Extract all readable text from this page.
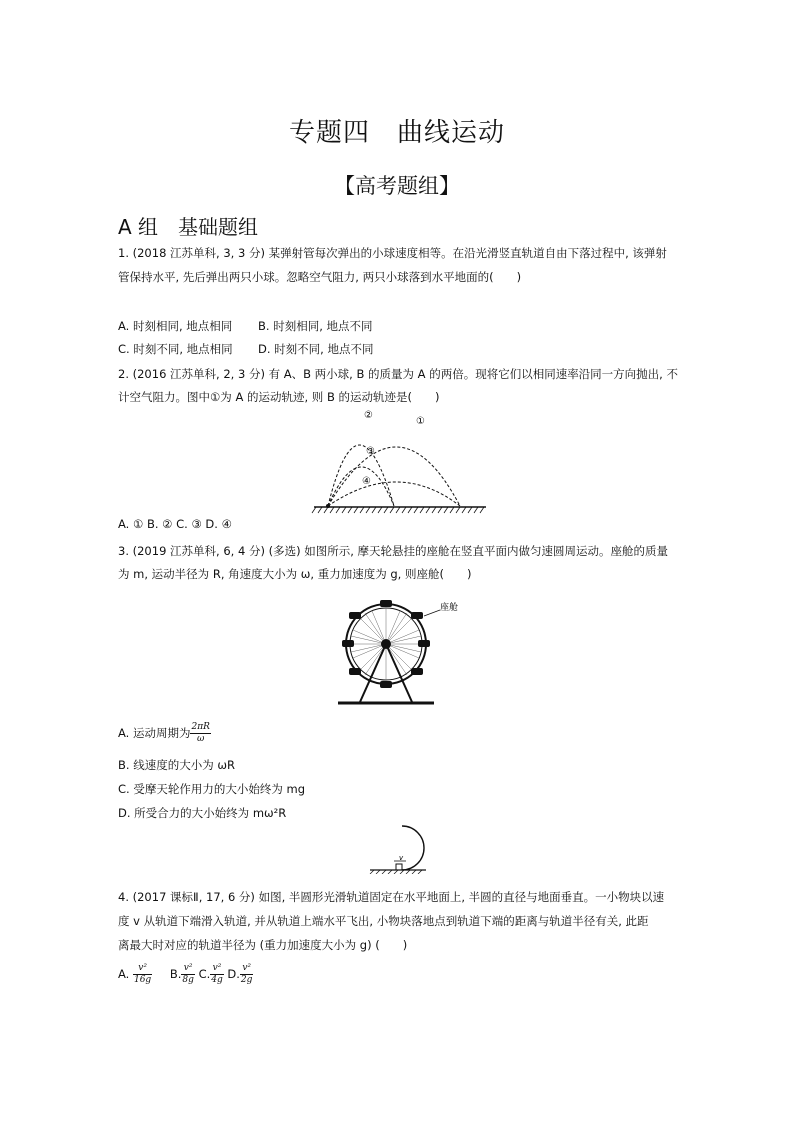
专题四　曲线运动
【高考题组】
A 组　基础题组
1. (2018 江苏单科, 3, 3 分) 某弹射管每次弹出的小球速度相等。在沿光滑竖直轨道自由下落过程中, 该弹射
管保持水平, 先后弹出两只小球。忽略空气阻力, 两只小球落到水平地面的(　　)
A. 时刻相同, 地点相同 B. 时刻相同, 地点不同
C. 时刻不同, 地点相同 D. 时刻不同, 地点不同
2. (2016 江苏单科, 2, 3 分) 有 A、B 两小球, B 的质量为 A 的两倍。现将它们以相同速率沿同一方向抛出, 不
计空气阻力。图中①为 A 的运动轨迹, 则 B 的运动轨迹是(　　)
①
②
③
④
A. ① B. ② C. ③ D. ④
3. (2019 江苏单科, 6, 4 分) (多选) 如图所示, 摩天轮悬挂的座舱在竖直平面内做匀速圆周运动。座舱的质量
为 m, 运动半径为 R, 角速度大小为 ω, 重力加速度为 g, 则座舱(　　)
座舱
A. 运动周期为 $\frac{2\pi R}{\omega}$
B. 线速度的大小为 ωR
C. 受摩天轮作用力的大小始终为 mg
D. 所受合力的大小始终为 mω²R
v
4. (2017 课标Ⅱ, 17, 6 分) 如图, 半圆形光滑轨道固定在水平地面上, 半圆的直径与地面垂直。一小物块以速
度 v 从轨道下端滑入轨道, 并从轨道上端水平飞出, 小物块落地点到轨道下端的距离与轨道半径有关, 此距
离最大时对应的轨道半径为 (重力加速度大小为 g) (　　)
A. $\frac{\text{v²}}{16g} B$. $\frac{\text{v²}}{8g} C$. $\frac{\text{v²}}{4g} D$. $\frac{\text{v²}}{2g}$
